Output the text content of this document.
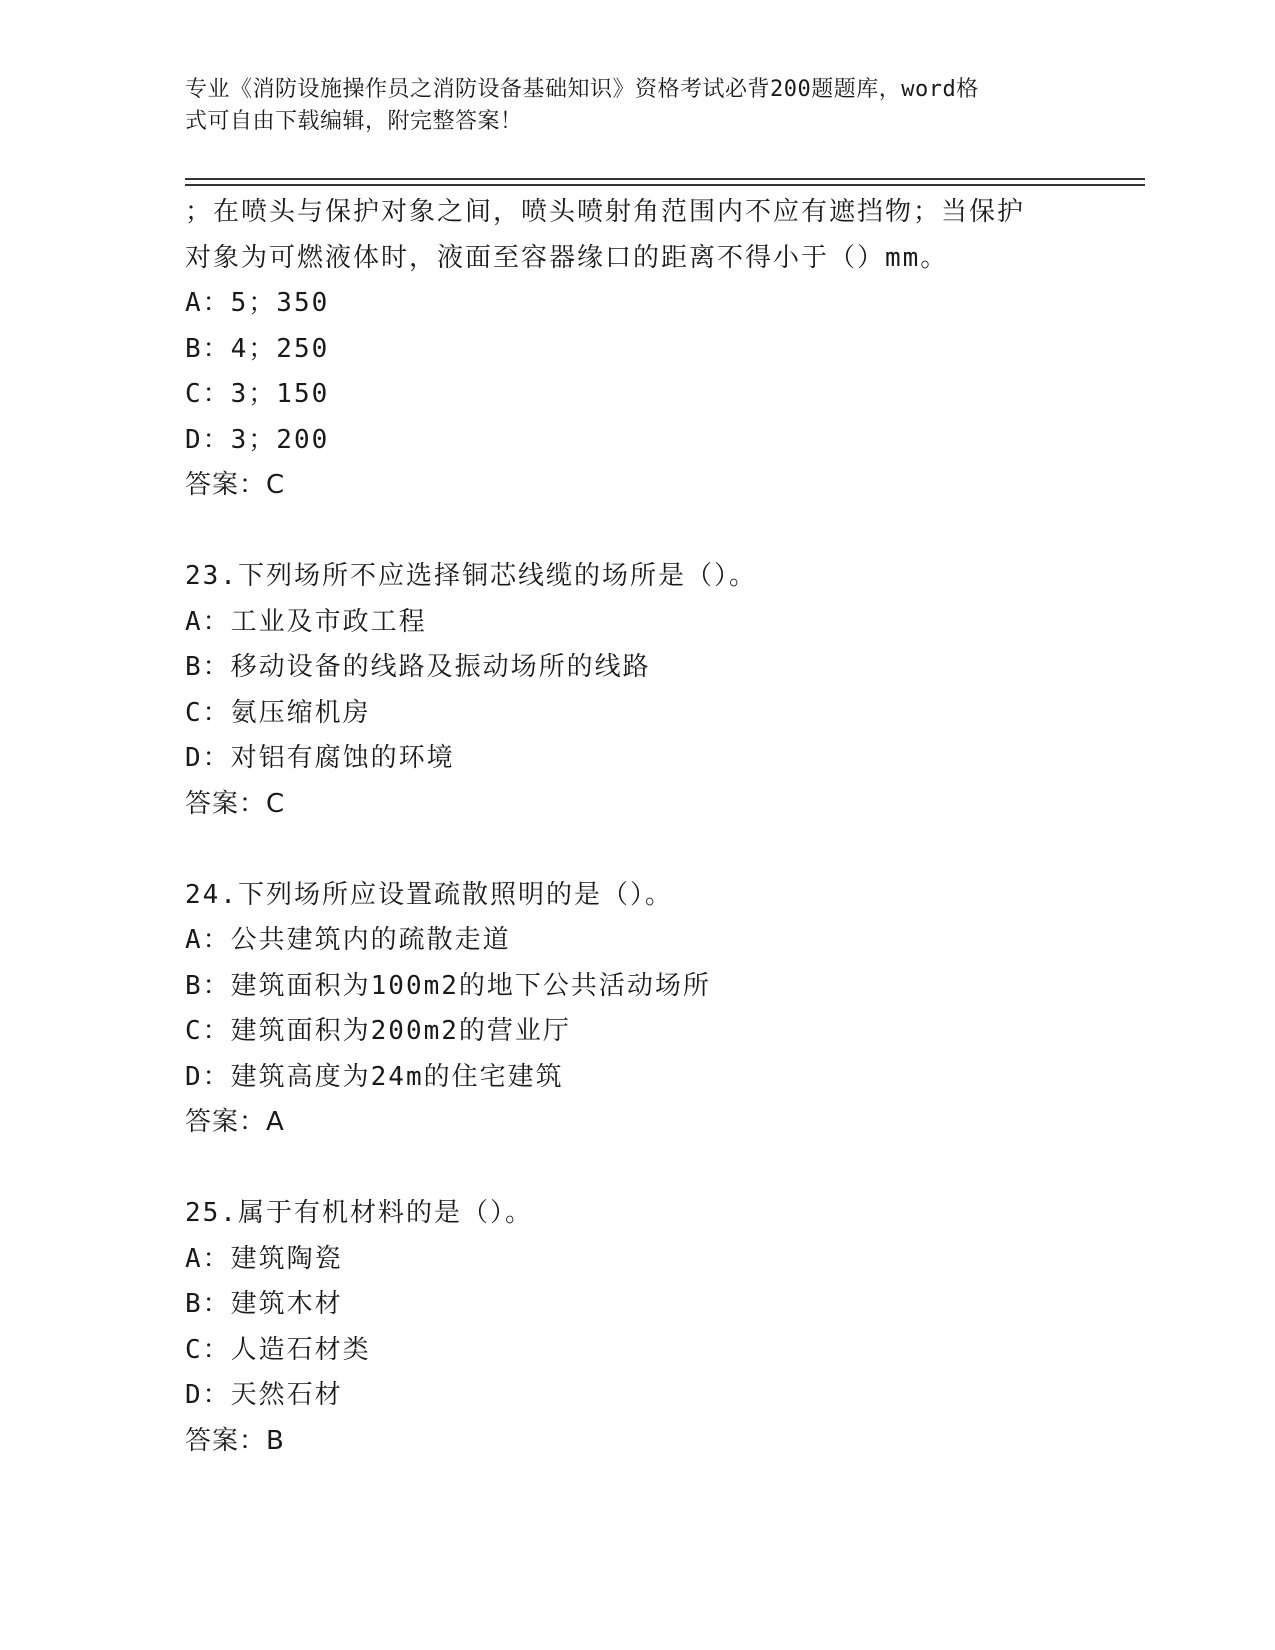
专业《消防设施操作员之消防设备基础知识》资格考试必背200题题库，word格
式可自由下载编辑，附完整答案！
；在喷头与保护对象之间，喷头喷射角范围内不应有遮挡物；当保护
对象为可燃液体时，液面至容器缘口的距离不得小于（）mm。
A：5；350
B：4；250
C：3；150
D：3；200
答案：C
23.下列场所不应选择铜芯线缆的场所是（）。
A：工业及市政工程
B：移动设备的线路及振动场所的线路
C：氨压缩机房
D：对铝有腐蚀的环境
答案：C
24.下列场所应设置疏散照明的是（）。
A：公共建筑内的疏散走道
B：建筑面积为100m2的地下公共活动场所
C：建筑面积为200m2的营业厅
D：建筑高度为24m的住宅建筑
答案：A
25.属于有机材料的是（）。
A：建筑陶瓷
B：建筑木材
C：人造石材类
D：天然石材
答案：B
